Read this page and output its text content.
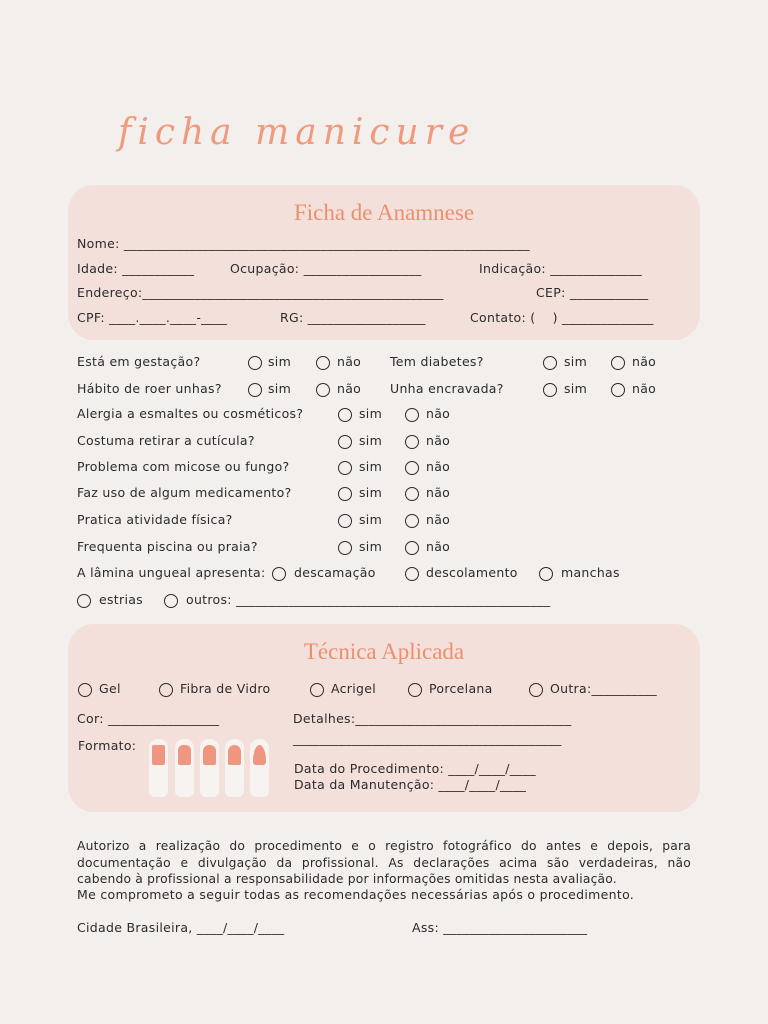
ficha manicure
Ficha de Anamnese
Nome: ______________________________________________________________
Idade: ___________	Ocupação: __________________	Indicação: ______________
Endereço:______________________________________________	CEP: ____________
CPF: ____.____.____-____	RG: __________________	Contato: (    ) ______________
Está em gestação?	sim	não Tem diabetes?	sim	não
Hábito de roer unhas?	sim	não Unha encravada?	sim	não
Alergia a esmaltes ou cosméticos?	sim	não
Costuma retirar a cutícula?	sim	não
Problema com micose ou fungo?	sim	não
Faz uso de algum medicamento?	sim	não
Pratica atividade física?	sim	não
Frequenta piscina ou praia?	sim	não
A lâmina ungueal apresenta: descamação	descolamento	manchas
estrias	outros: ________________________________________________
Técnica Aplicada
Gel	Fibra de Vidro	Acrigel	Porcelana	Outra:__________
Cor: _________________	Detalhes:_________________________________
_________________________________________
Formato:
Data do Procedimento: ____/____/____
Data da Manutenção: ____/____/____
Autorizo a realização do procedimento e o registro fotográfico do antes e depois, para documentação e divulgação da profissional. As declarações acima são verdadeiras, não cabendo à profissional a responsabilidade por informações omitidas nesta avaliação.
Me comprometo a seguir todas as recomendações necessárias após o procedimento.
Cidade Brasileira, ____/____/____	Ass: ______________________
